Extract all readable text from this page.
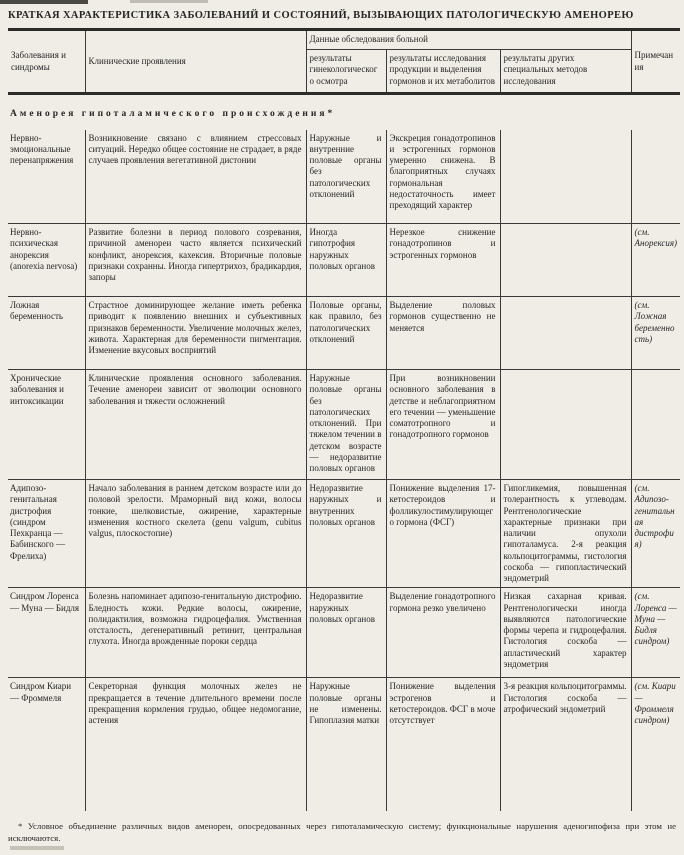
КРАТКАЯ ХАРАКТЕРИСТИКА ЗАБОЛЕВАНИЙ И СОСТОЯНИЙ, ВЫЗЫВАЮЩИХ ПАТОЛОГИЧЕСКУЮ АМЕНОРЕЮ
Заболевания и синдромы	Клинические проявления	Данные обследования больной			Примечания
		результаты гинекологического осмотра	результаты исследования продукции и выделения гормонов и их метаболитов	результаты других специальных методов исследования	
Аменорея гипоталамического происхождения*					
Нервно-эмоциональные перенапряжения	Возникновение связано с влиянием стрессовых ситуаций. Нередко общее состояние не страдает, в ряде случаев проявления вегетативной дистонии	Наружные и внутренние половые органы без патологических отклонений	Экскреция гонадотропинов и эстрогенных гормонов умеренно снижена. В благоприятных случаях гормональная недостаточность имеет преходящий характер		
Нервно-психическая анорексия (anorexia nervosa)	Развитие болезни в период полового созревания, причиной аменореи часто является психический конфликт, анорексия, кахексия. Вторичные половые признаки сохранны. Иногда гипертрихоз, брадикардия, запоры	Иногда гипотрофия наружных половых органов	Нерезкое снижение гонадотропинов и эстрогенных гормонов		(см. Анорексия)
Ложная беременность	Страстное доминирующее желание иметь ребенка приводит к появлению внешних и субъективных признаков беременности. Увеличение молочных желез, живота. Характерная для беременности пигментация. Изменение вкусовых восприятий	Половые органы, как правило, без патологических отклонений	Выделение половых гормонов существенно не меняется		(см. Ложная беременность)
Хронические заболевания и интоксикации	Клинические проявления основного заболевания. Течение аменореи зависит от эволюции основного заболевания и тяжести осложнений	Наружные половые органы без патологических отклонений. При тяжелом течении в детском возрасте — недоразвитие половых органов	При возникновении основного заболевания в детстве и неблагоприятном его течении — уменьшение соматотропного и гонадотропного гормонов		
Адипозо-генитальная дистрофия (синдром Пехкранца — Бабинского — Фрелиха)	Начало заболевания в раннем детском возрасте или до половой зрелости. Мраморный вид кожи, волосы тонкие, шелковистые, ожирение, характерные изменения костного скелета (genu valgum, cubitus valgus, плоскостопие)	Недоразвитие наружных и внутренних половых органов	Понижение выделения 17-кетостероидов и фолликулостимулирующего гормона (ФСГ)	Гипогликемия, повышенная толерантность к углеводам. Рентгенологические характерные признаки при наличии опухоли гипоталамуса. 2-я реакция кольпоцитограммы, гистология соскоба — гипопластический эндометрий	(см. Адипозо-генитальная дистрофия)
Синдром Лоренса — Муна — Бидля	Болезнь напоминает адипозо-генитальную дистрофию. Бледность кожи. Редкие волосы, ожирение, полидактилия, возможна гидроцефалия. Умственная отсталость, дегенеративный ретинит, центральная глухота. Иногда врожденные пороки сердца	Недоразвитие наружных половых органов	Выделение гонадотропного гормона резко увеличено	Низкая сахарная кривая. Рентгенологически иногда выявляются патологические формы черепа и гидроцефалия. Гистология соскоба — апластический характер эндометрия	(см. Лоренса — Муна — Бидля синдром)
Синдром Киари — Фроммеля	Секреторная функция молочных желез не прекращается в течение длительного времени после прекращения кормления грудью, общее недомогание, астения	Наружные половые органы не изменены. Гипоплазия матки	Понижение выделения эстрогенов и кетостероидов. ФСГ в моче отсутствует	3-я реакция кольпоцитограммы. Гистология соскоба — атрофический эндометрий	(см. Киари — Фроммеля синдром)

* Условное объединение различных видов аменореи, опосредованных через гипоталамическую систему; функциональные нарушения аденогипофиза при этом не исключаются.
